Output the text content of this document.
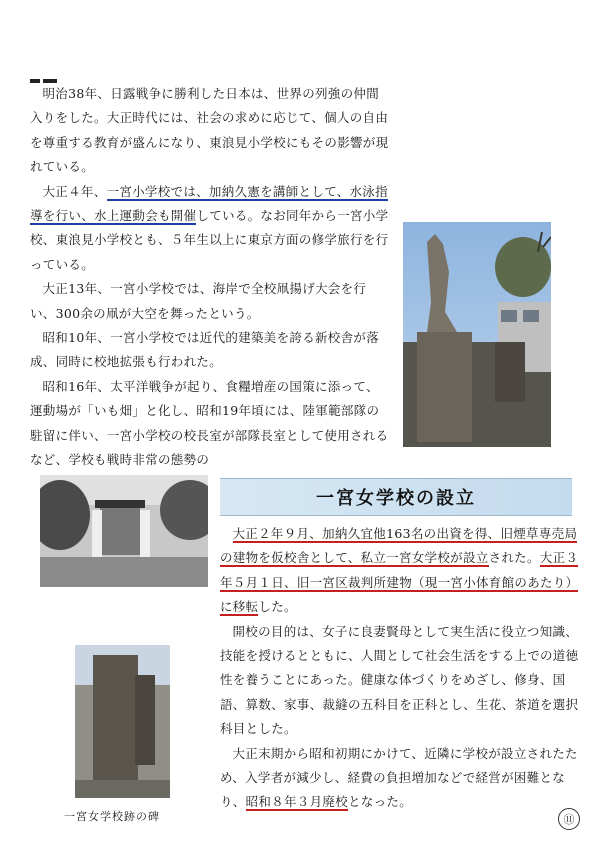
明治38年、日露戦争に勝利した日本は、世界の列強の仲間入りをした。大正時代には、社会の求めに応じて、個人の自由を尊重する教育が盛んになり、東浪見小学校にもその影響が現れている。

大正４年、一宮小学校では、加納久憲を講師として、水泳指導を行い、水上運動会も開催している。なお同年から一宮小学校、東浪見小学校とも、５年生以上に東京方面の修学旅行を行っている。

大正13年、一宮小学校では、海岸で全校凧揚げ大会を行い、300余の凧が大空を舞ったという。

昭和10年、一宮小学校では近代的建築美を誇る新校舎が落成、同時に校地拡張も行われた。

昭和16年、太平洋戦争が起り、食糧増産の国策に添って、運動場が「いも畑」と化し、昭和19年頃には、陸軍範部隊の駐留に伴い、一宮小学校の校長室が部隊長室として使用されるなど、学校も戦時非常の態勢の

一宮女学校の設立

大正２年９月、加納久宜他163名の出資を得、旧煙草専売局の建物を仮校舎として、私立一宮女学校が設立された。大正３年５月１日、旧一宮区裁判所建物（現一宮小体育館のあたり）に移転した。

開校の目的は、女子に良妻賢母として実生活に役立つ知識、技能を授けるとともに、人間として社会生活をする上での道徳性を養うことにあった。健康な体づくりをめざし、修身、国語、算数、家事、裁縫の五科目を正科とし、生花、茶道を選択科目とした。

大正末期から昭和初期にかけて、近隣に学校が設立されたため、入学者が減少し、経費の負担増加などで経営が困難となり、昭和８年３月廃校となった。

一宮女学校跡の碑	⑪
